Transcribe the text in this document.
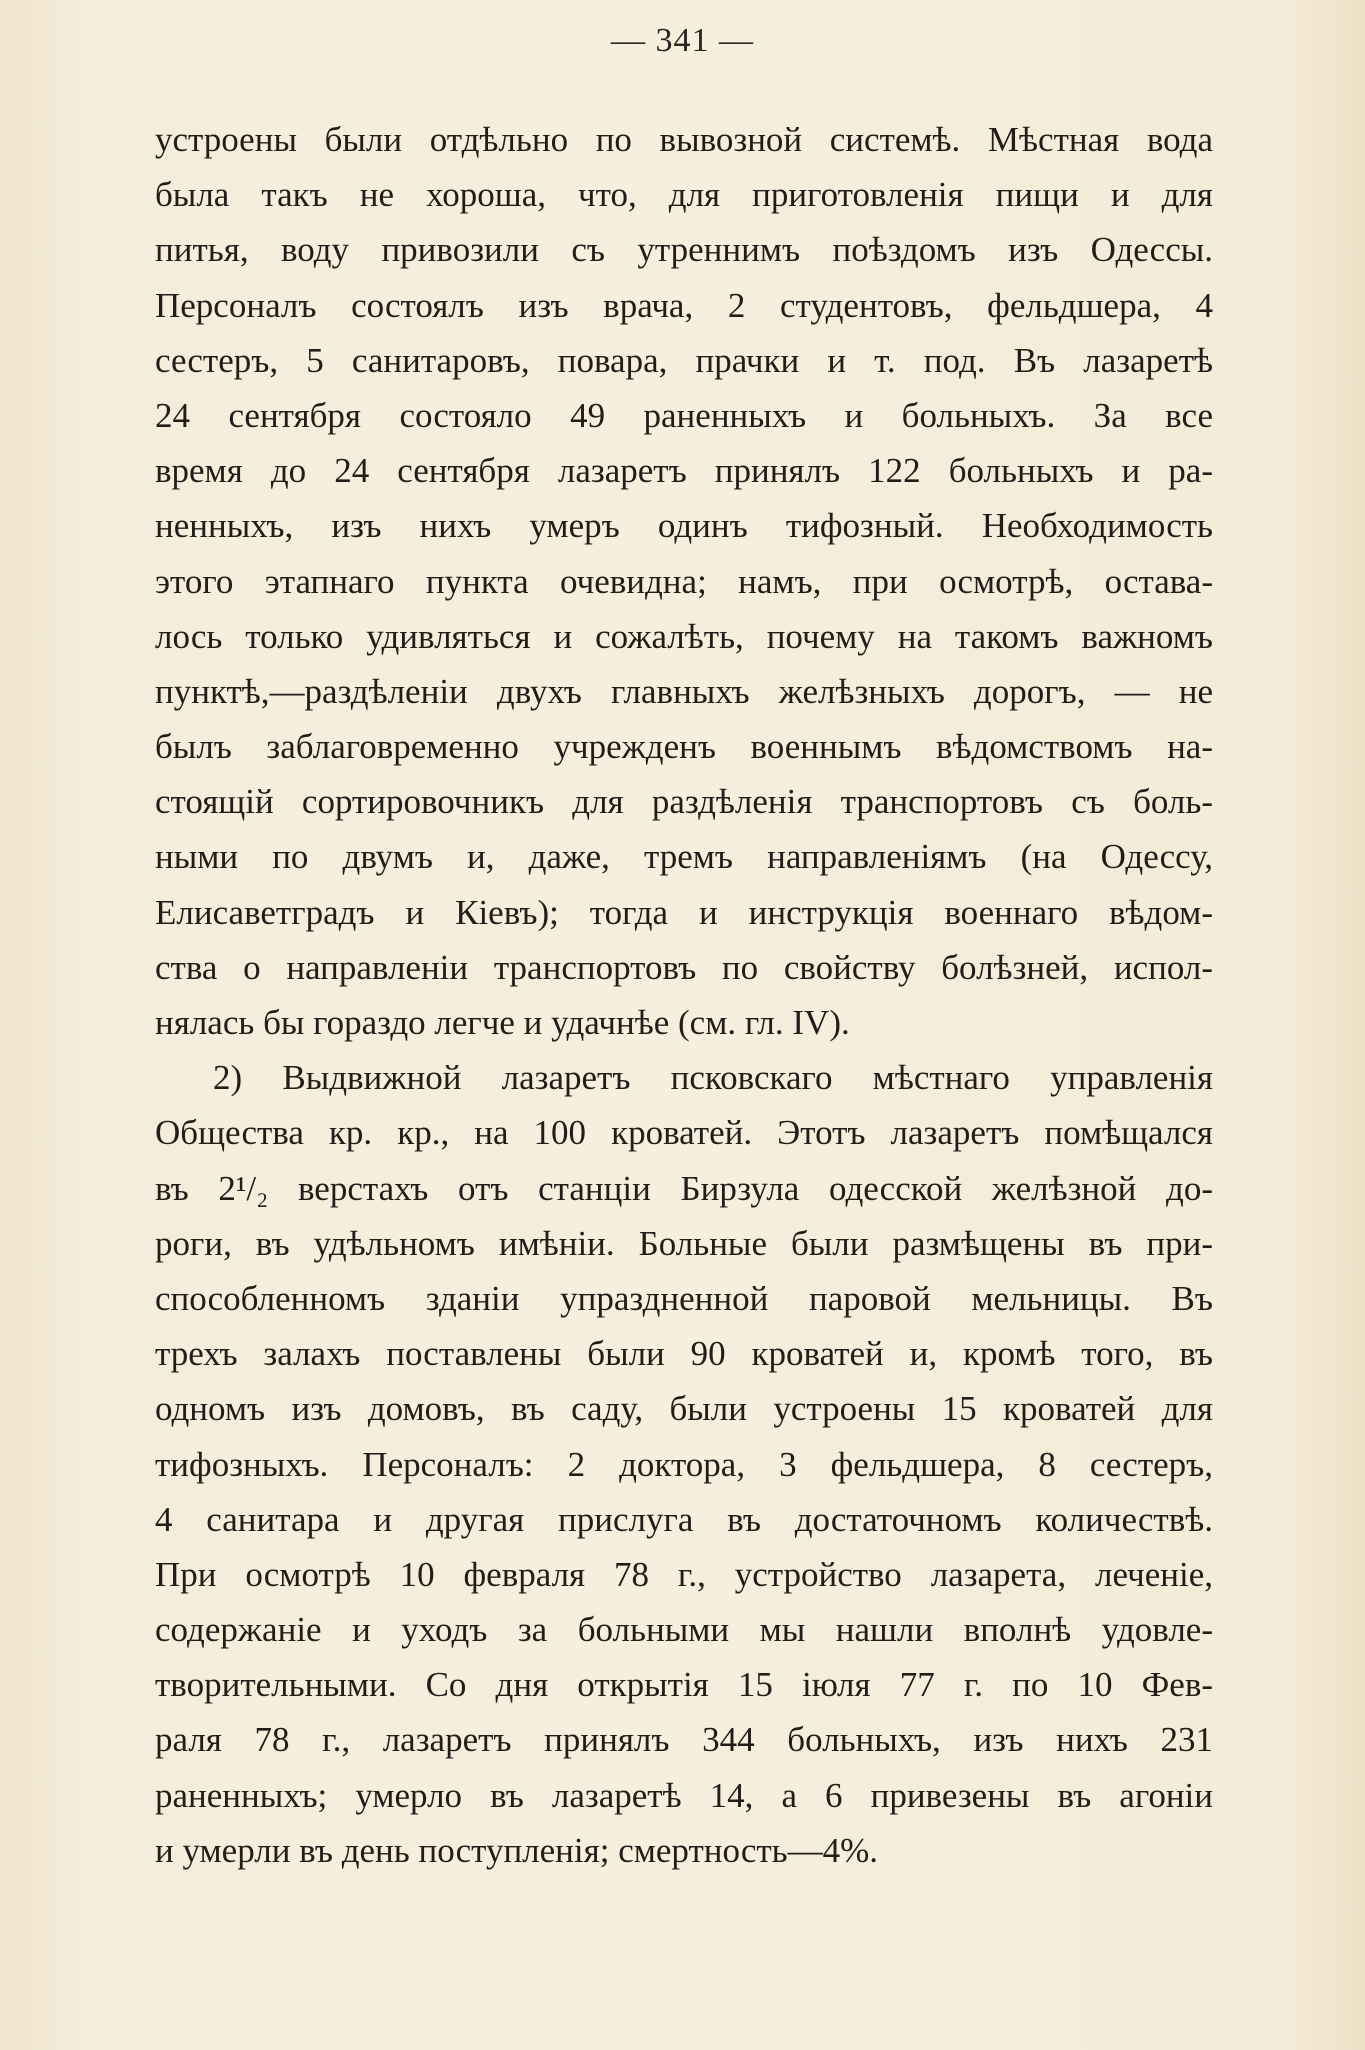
— 341 —
устроены были отдѣльно по вывозной системѣ. Мѣстная вода
была такъ не хороша, что, для приготовленія пищи и для
питья, воду привозили съ утреннимъ поѣздомъ изъ Одессы.
Персоналъ состоялъ изъ врача, 2 студентовъ, фельдшера, 4
сестеръ, 5 санитаровъ, повара, прачки и т. под. Въ лазаретѣ
24 сентября состояло 49 раненныхъ и больныхъ. За все
время до 24 сентября лазаретъ принялъ 122 больныхъ и ра-
ненныхъ, изъ нихъ умеръ одинъ тифозный. Необходимость
этого этапнаго пункта очевидна; намъ, при осмотрѣ, остава-
лось только удивляться и сожалѣть, почему на такомъ важномъ
пунктѣ,—раздѣленіи двухъ главныхъ желѣзныхъ дорогъ, — не
былъ заблаговременно учрежденъ военнымъ вѣдомствомъ на-
стоящій сортировочникъ для раздѣленія транспортовъ съ боль-
ными по двумъ и, даже, тремъ направленіямъ (на Одессу,
Елисаветградъ и Кіевъ); тогда и инструкція военнаго вѣдом-
ства о направленіи транспортовъ по свойству болѣзней, испол-
нялась бы гораздо легче и удачнѣе (см. гл. IV).
2) Выдвижной лазаретъ псковскаго мѣстнаго управленія
Общества кр. кр., на 100 кроватей. Этотъ лазаретъ помѣщался
въ 2¹/₂ верстахъ отъ станціи Бирзула одесской желѣзной до-
роги, въ удѣльномъ имѣніи. Больные были размѣщены въ при-
способленномъ зданіи упраздненной паровой мельницы. Въ
трехъ залахъ поставлены были 90 кроватей и, кромѣ того, въ
одномъ изъ домовъ, въ саду, были устроены 15 кроватей для
тифозныхъ. Персоналъ: 2 доктора, 3 фельдшера, 8 сестеръ,
4 санитара и другая прислуга въ достаточномъ количествѣ.
При осмотрѣ 10 февраля 78 г., устройство лазарета, леченіе,
содержаніе и уходъ за больными мы нашли вполнѣ удовле-
творительными. Со дня открытія 15 іюля 77 г. по 10 Фев-
раля 78 г., лазаретъ принялъ 344 больныхъ, изъ нихъ 231
раненныхъ; умерло въ лазаретѣ 14, а 6 привезены въ агоніи
и умерли въ день поступленія; смертность—4%.
